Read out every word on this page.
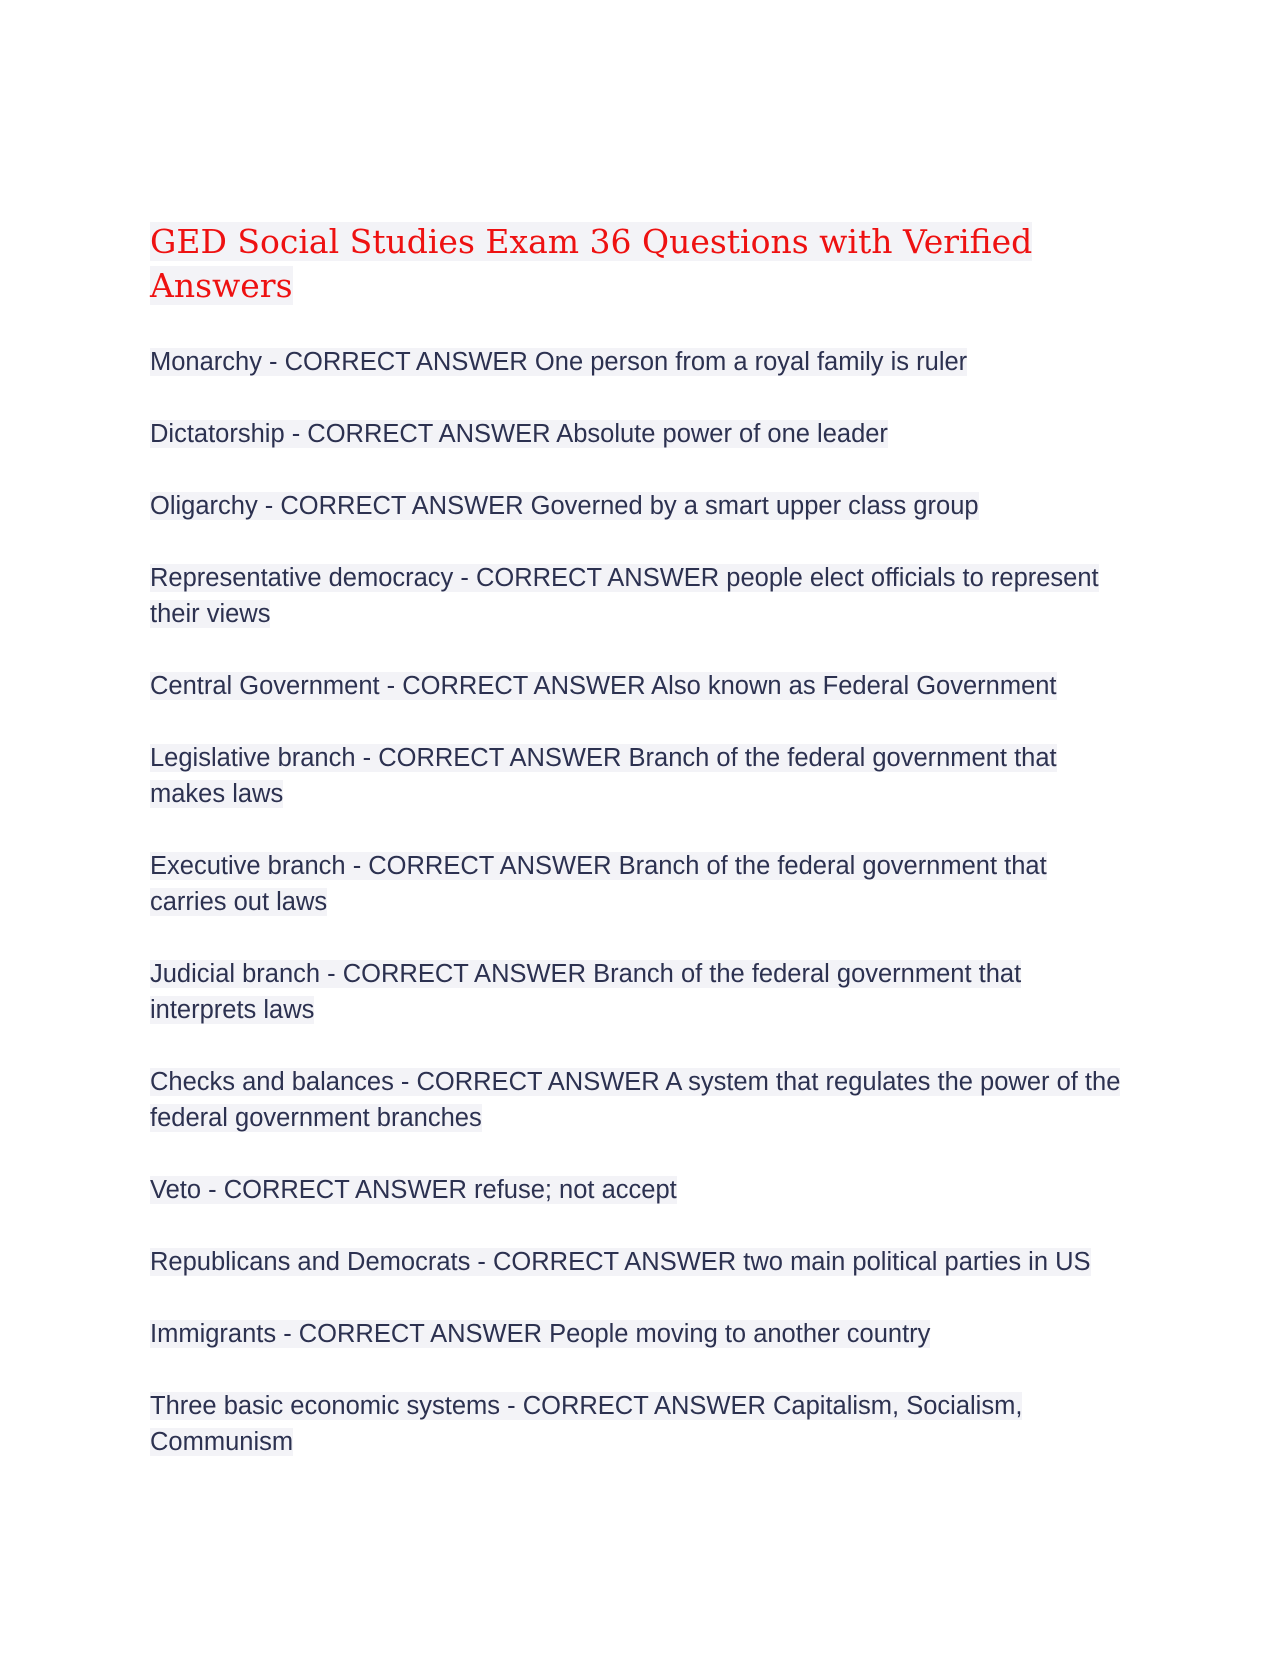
GED Social Studies Exam 36 Questions with Verified Answers

Monarchy - CORRECT ANSWER One person from a royal family is ruler

Dictatorship - CORRECT ANSWER Absolute power of one leader

Oligarchy - CORRECT ANSWER Governed by a smart upper class group

Representative democracy - CORRECT ANSWER people elect officials to represent their views

Central Government - CORRECT ANSWER Also known as Federal Government

Legislative branch - CORRECT ANSWER Branch of the federal government that makes laws

Executive branch - CORRECT ANSWER Branch of the federal government that carries out laws

Judicial branch - CORRECT ANSWER Branch of the federal government that interprets laws

Checks and balances - CORRECT ANSWER A system that regulates the power of the federal government branches

Veto - CORRECT ANSWER refuse; not accept

Republicans and Democrats - CORRECT ANSWER two main political parties in US

Immigrants - CORRECT ANSWER People moving to another country

Three basic economic systems - CORRECT ANSWER Capitalism, Socialism, Communism
